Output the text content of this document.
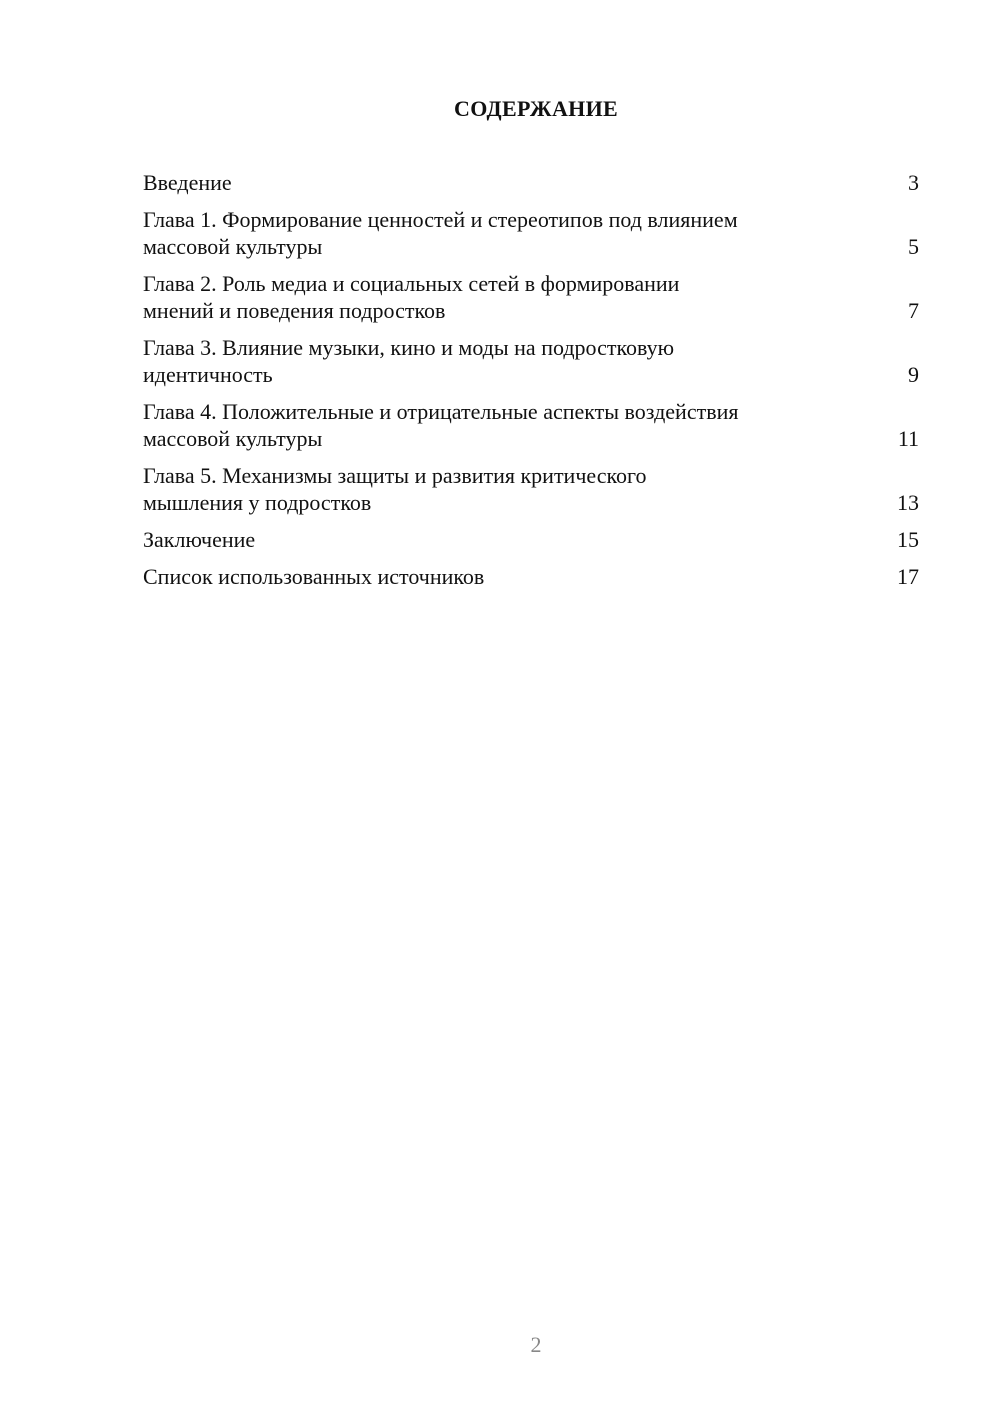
СОДЕРЖАНИЕ
Введение	3
Глава 1. Формирование ценностей и стереотипов под влиянием
массовой культуры	5
Глава 2. Роль медиа и социальных сетей в формировании
мнений и поведения подростков	7
Глава 3. Влияние музыки, кино и моды на подростковую
идентичность	9
Глава 4. Положительные и отрицательные аспекты воздействия
массовой культуры	11
Глава 5. Механизмы защиты и развития критического
мышления у подростков	13
Заключение	15
Список использованных источников	17
2
